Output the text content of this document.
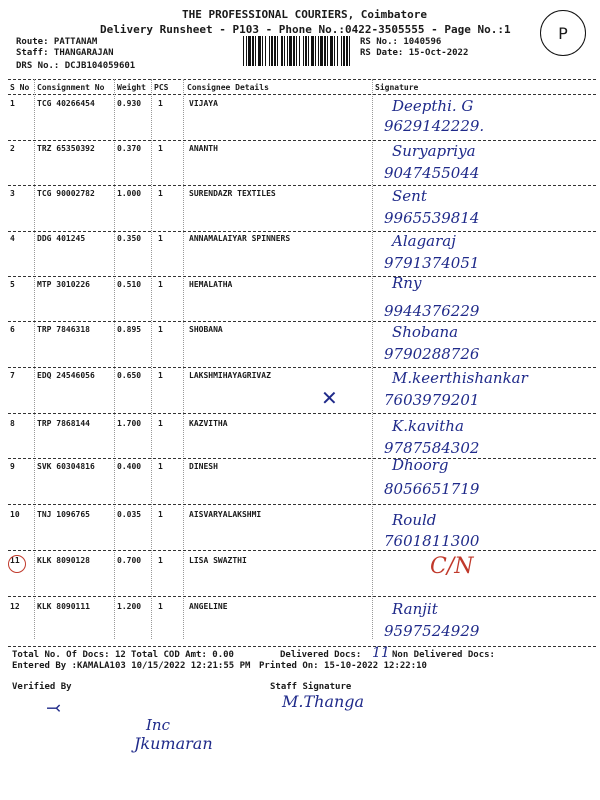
THE PROFESSIONAL COURIERS, Coimbatore
Delivery Runsheet - P103 - Phone No.:0422-3505555 - Page No.:1	P
Route: PATTANAM
Staff: THANGARAJAN
DRS No.: DCJB104059601
RS No.: 1040596
RS Date: 15-Oct-2022
S No Consignment No Weight PCS Consignee Details	Signature
1	TCG 40266454	0.930 1	VIJAYA	Deepthi. G
9629142229.
2	TRZ 65350392	0.370 1	ANANTH	Suryapriya
9047455044
3	TCG 90002782	1.000 1	SURENDAZR TEXTILES	Sent
9965539814
4	DDG 401245	0.350 1	ANNAMALAIYAR SPINNERS	Alagaraj
9791374051
5	MTP 3010226	0.510 1	HEMALATHA	Rny
9944376229
6	TRP 7846318	0.895 1	SHOBANA	Shobana
9790288726
7	EDQ 24546056	0.650 1	LAKSHMIHAYAGRIVAZ	M.keerthishankar
7603979201
8	TRP 7868144	1.700 1	KAZVITHA	K.kavitha
9787584302
9	SVK 60304816	0.400 1	DINESH	Dhoorg
8056651719
10 TNJ 1096765	0.035 1	AISVARYALAKSHMI	Rould
7601811300
11 KLK 8090128	0.700 1	LISA SWAZTHI	C/N
12 KLK 8090111	1.200 1	ANGELINE	Ranjit
9597524929
✕
Total No. Of Docs: 12 Total COD Amt: 0.00	Delivered Docs: 11 Non Delivered Docs:
Entered By :KAMALA103 10/15/2022 12:21:55 PM Printed On: 15-10-2022 12:22:10
Verified By	Staff Signature
M.Thanga
⤙
Inc
Jkumaran
